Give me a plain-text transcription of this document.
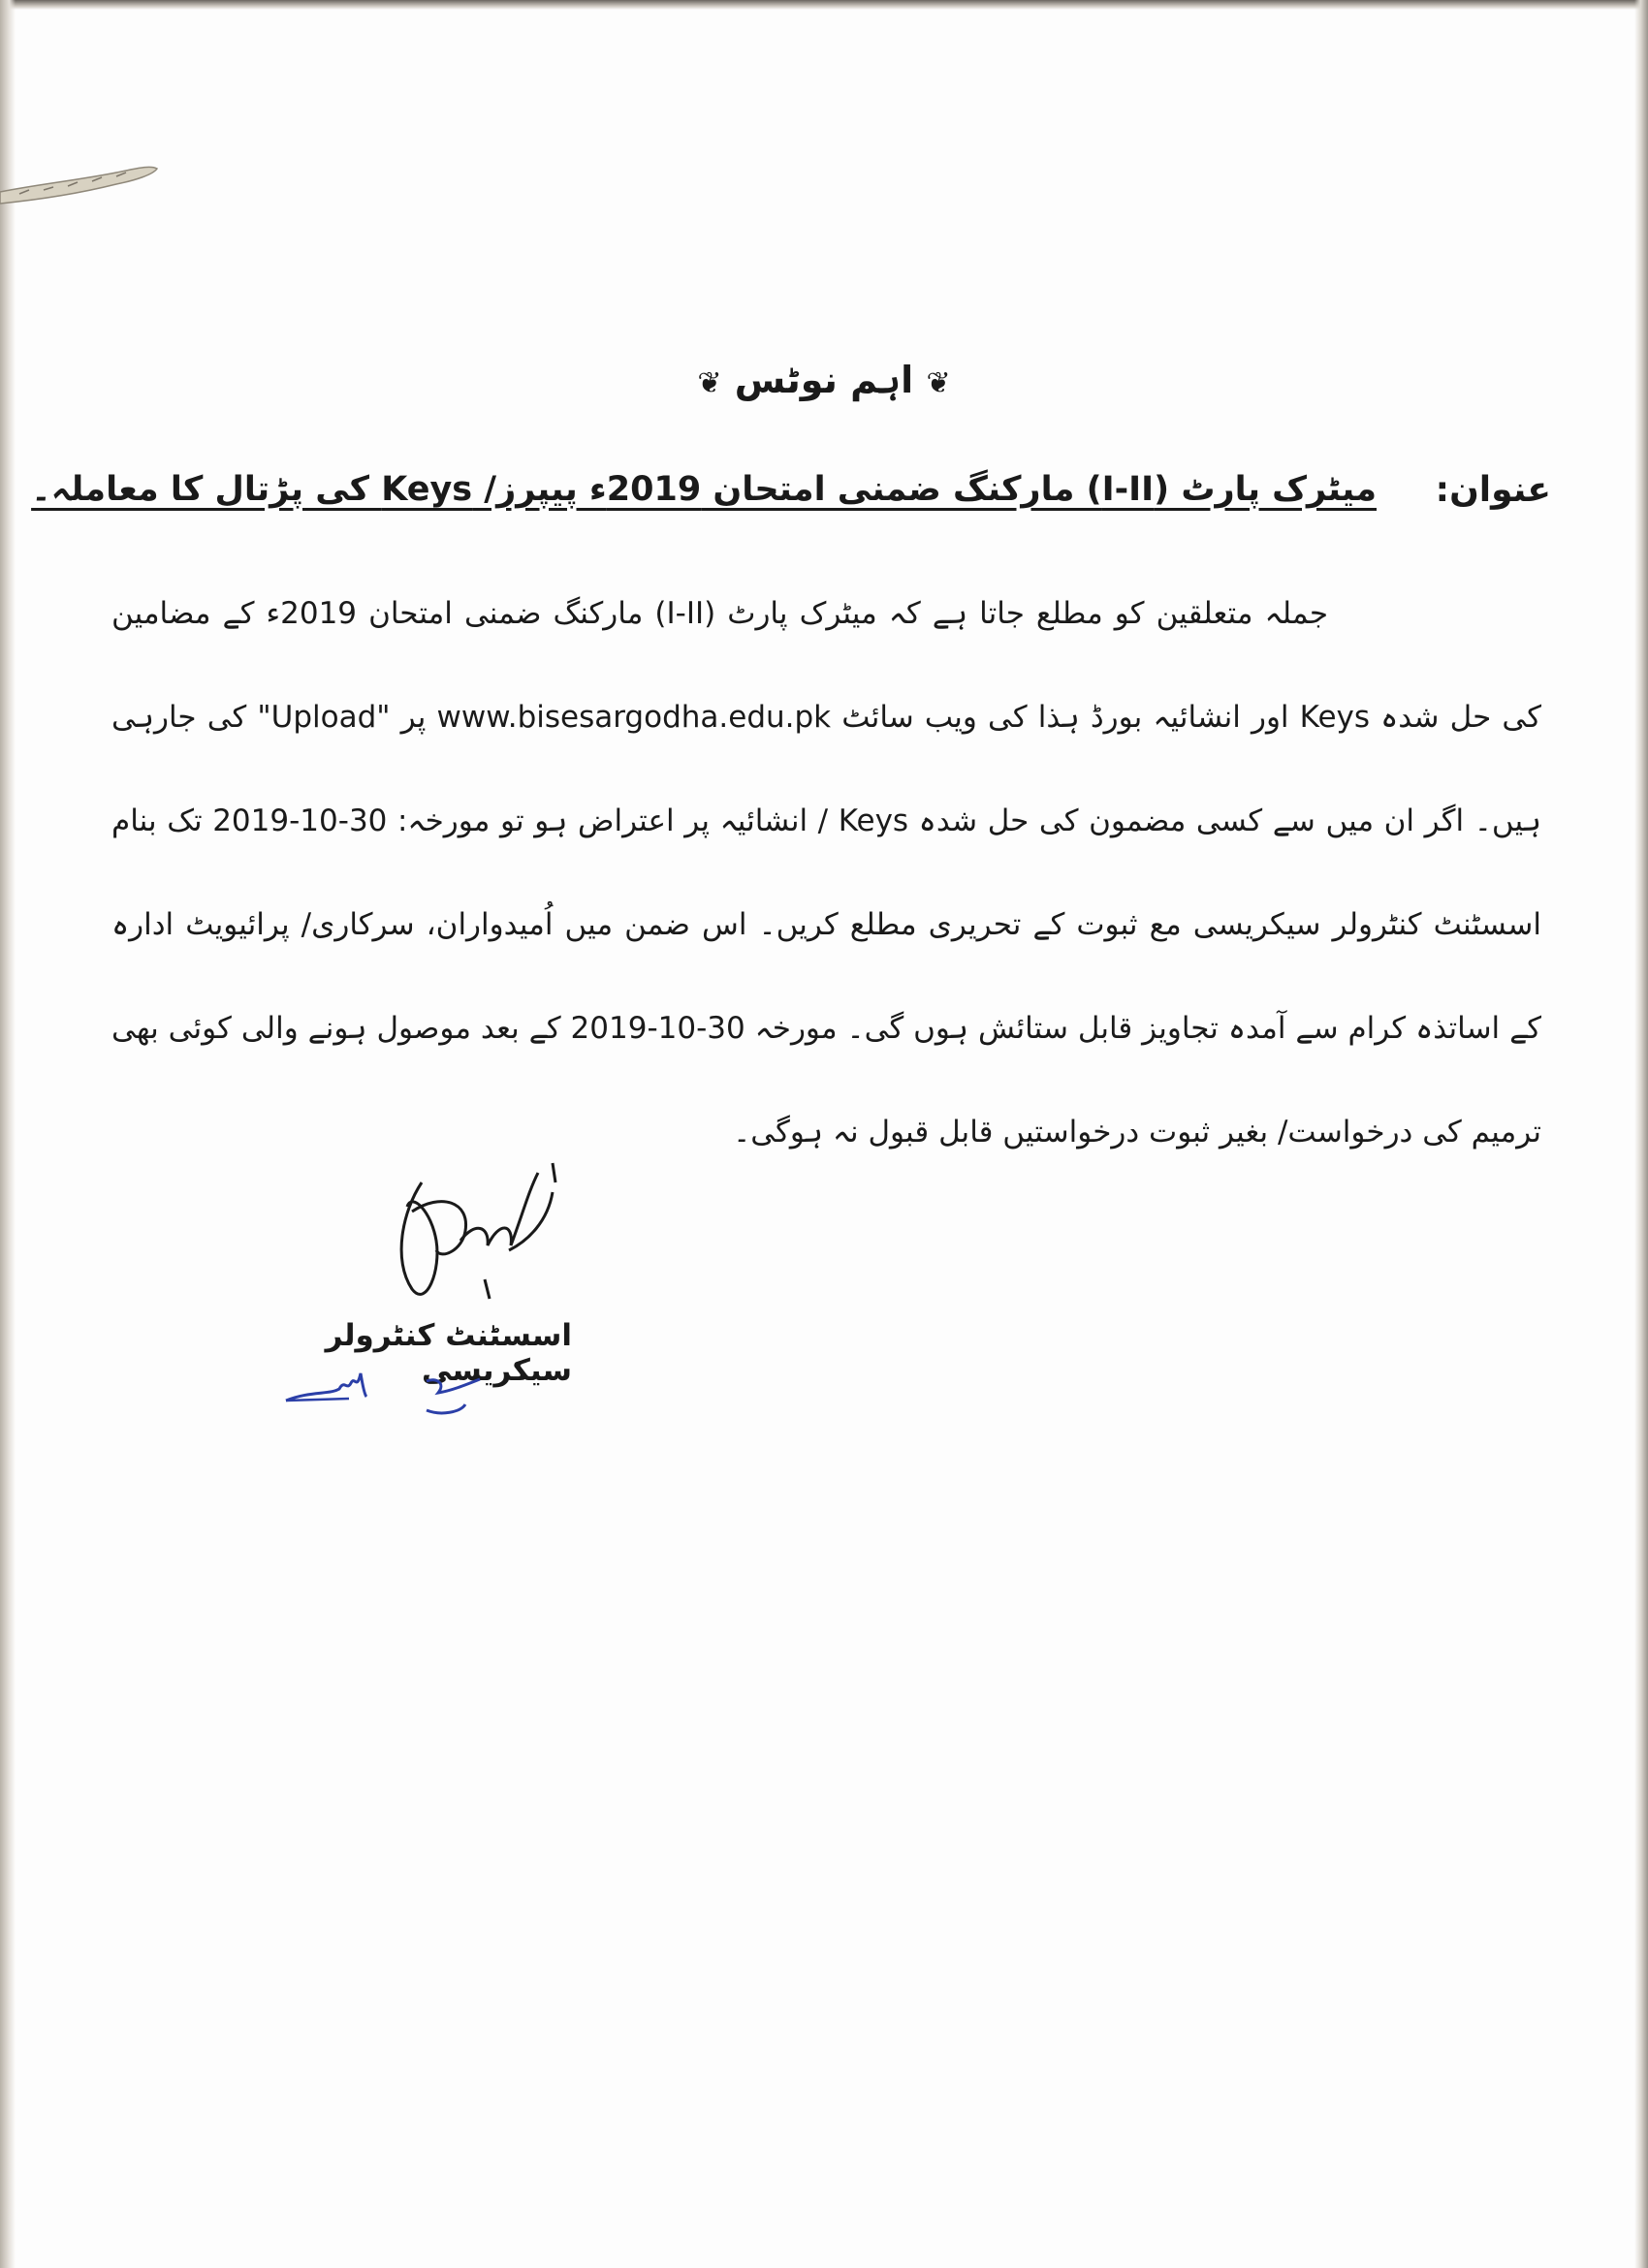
❦ اہم نوٹس ❦
عنوان:
میٹرک پارٹ (I-II) مارکنگ ضمنی امتحان 2019ء پیپرز/ Keys کی پڑتال کا معاملہ۔
جملہ متعلقین کو مطلع جاتا ہے کہ میٹرک پارٹ (I-II) مارکنگ ضمنی امتحان 2019ء کے مضامین کی حل شدہ Keys اور انشائیہ بورڈ ہذا کی ویب سائٹ www.bisesargodha.edu.pk پر "Upload" کی جارہی ہیں۔ اگر ان میں سے کسی مضمون کی حل شدہ Keys / انشائیہ پر اعتراض ہو تو مورخہ: 30-10-2019 تک بنام اسسٹنٹ کنٹرولر سیکریسی مع ثبوت کے تحریری مطلع کریں۔ اس ضمن میں اُمیدواران، سرکاری/ پرائیویٹ ادارہ کے اساتذہ کرام سے آمدہ تجاویز قابل ستائش ہوں گی۔ مورخہ 30-10-2019 کے بعد موصول ہونے والی کوئی بھی ترمیم کی درخواست/ بغیر ثبوت درخواستیں قابل قبول نہ ہوگی۔
اسسٹنٹ کنٹرولر سیکریسی
